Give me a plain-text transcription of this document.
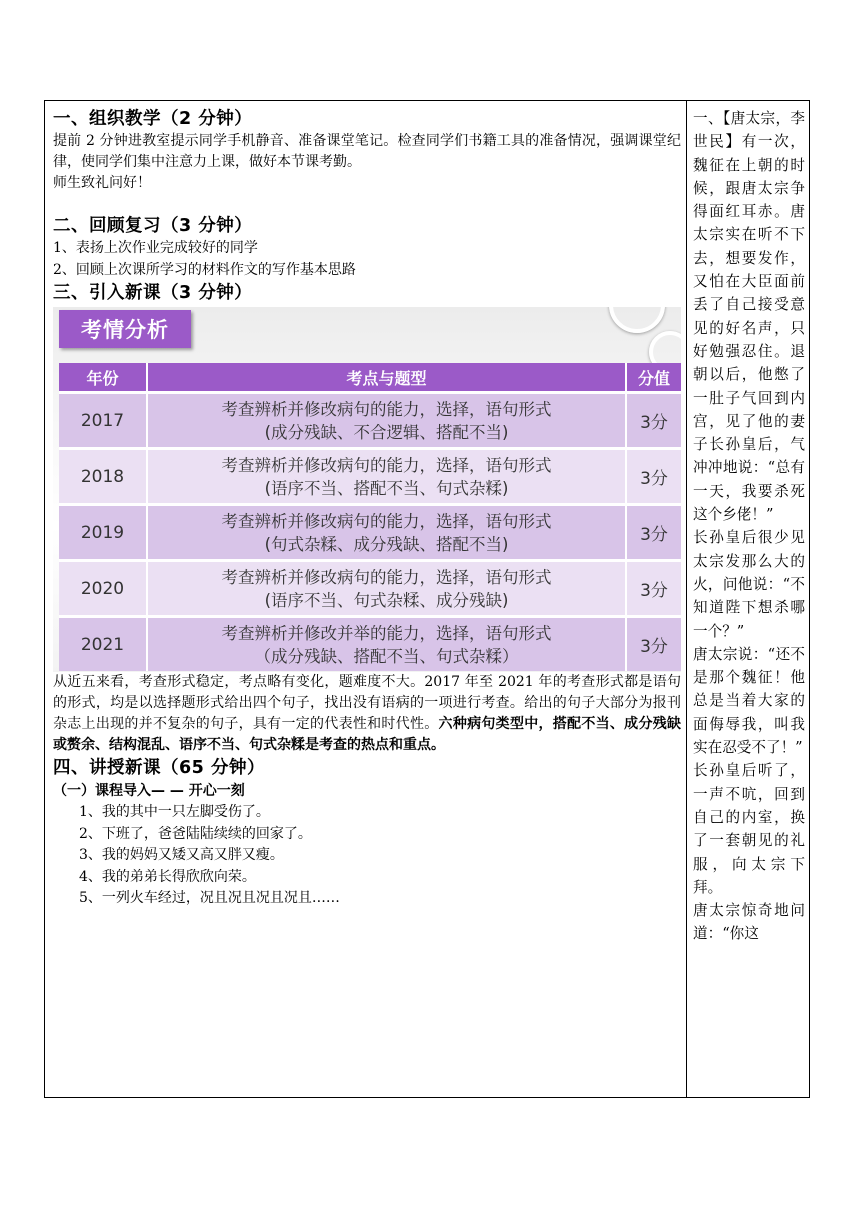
一、组织教学（2 分钟）

提前 2 分钟进教室提示同学手机静音、准备课堂笔记。检查同学们书籍工具的准备情况，强调课堂纪律，使同学们集中注意力上课，做好本节课考勤。

师生致礼问好！

二、回顾复习（3 分钟）
1、表扬上次作业完成较好的同学
2、回顾上次课所学习的材料作文的写作基本思路
三、引入新课（3 分钟）
考情分析
年份	考点与题型	分值
2017	考查辨析并修改病句的能力，选择，语句形式
(成分残缺、不合逻辑、搭配不当)	3分
2018	考查辨析并修改病句的能力，选择，语句形式
(语序不当、搭配不当、句式杂糅)	3分
2019	考查辨析并修改病句的能力，选择，语句形式
(句式杂糅、成分残缺、搭配不当)	3分
2020	考查辨析并修改病句的能力，选择，语句形式
(语序不当、句式杂糅、成分残缺)	3分
2021	考查辨析并修改并举的能力，选择，语句形式
（成分残缺、搭配不当、句式杂糅）	3分

从近五来看，考查形式稳定，考点略有变化，题难度不大。2017 年至 2021 年的考查形式都是语句的形式，均是以选择题形式给出四个句子，找出没有语病的一项进行考查。给出的句子大部分为报刊杂志上出现的并不复杂的句子，具有一定的代表性和时代性。六种病句类型中，搭配不当、成分残缺或赘余、结构混乱、语序不当、句式杂糅是考查的热点和重点。

四、讲授新课（65 分钟）
（一）课程导入— — 开心一刻
1、我的其中一只左脚受伤了。
2、下班了，爸爸陆陆续续的回家了。
3、我的妈妈又矮又高又胖又瘦。
4、我的弟弟长得欣欣向荣。
5、一列火车经过，况且况且况且况且……

一、【唐太宗，李世民】有一次，魏征在上朝的时候，跟唐太宗争得面红耳赤。唐太宗实在听不下去，想要发作，又怕在大臣面前丢了自己接受意见的好名声，只好勉强忍住。退朝以后，他憋了一肚子气回到内宫，见了他的妻子长孙皇后，气冲冲地说：“总有一天，我要杀死这个乡佬！”

长孙皇后很少见太宗发那么大的火，问他说：“不知道陛下想杀哪一个？”

唐太宗说：“还不是那个魏征！他总是当着大家的面侮辱我，叫我实在忍受不了！”

长孙皇后听了，一声不吭，回到自己的内室，换了一套朝见的礼服，向太宗下拜。

唐太宗惊奇地问道：“你这
